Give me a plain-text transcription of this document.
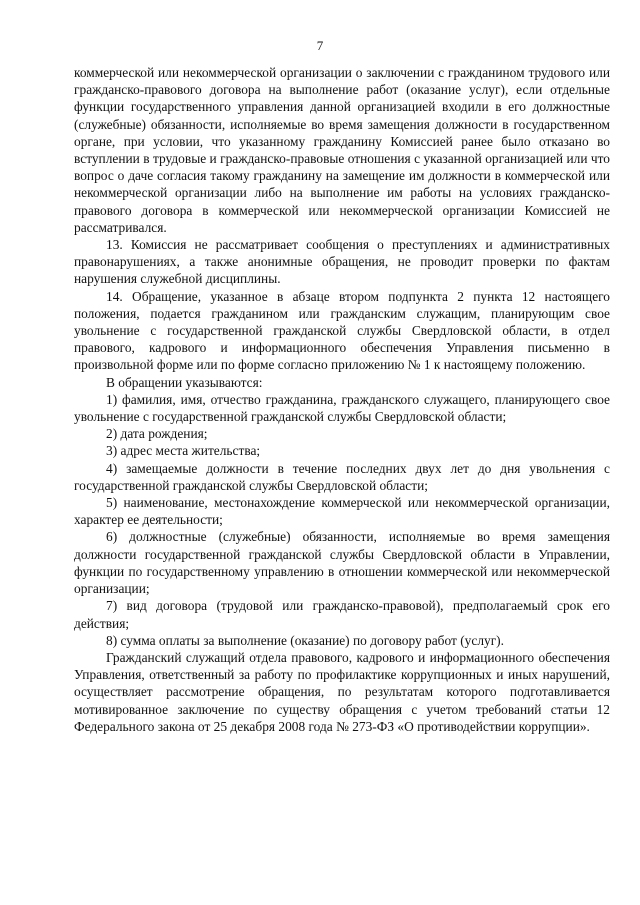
7

коммерческой или некоммерческой организации о заключении с гражданином трудового или гражданско-правового договора на выполнение работ (оказание услуг), если отдельные функции государственного управления данной организацией входили в его должностные (служебные) обязанности, исполняемые во время замещения должности в государственном органе, при условии, что указанному гражданину Комиссией ранее было отказано во вступлении в трудовые и гражданско-правовые отношения с указанной организацией или что вопрос о даче согласия такому гражданину на замещение им должности в коммерческой или некоммерческой организации либо на выполнение им работы на условиях гражданско-правового договора в коммерческой или некоммерческой организации Комиссией не рассматривался.

13. Комиссия не рассматривает сообщения о преступлениях и административных правонарушениях, а также анонимные обращения, не проводит проверки по фактам нарушения служебной дисциплины.

14. Обращение, указанное в абзаце втором подпункта 2 пункта 12 настоящего положения, подается гражданином или гражданским служащим, планирующим свое увольнение с государственной гражданской службы Свердловской области, в отдел правового, кадрового и информационного обеспечения Управления письменно в произвольной форме или по форме согласно приложению № 1 к настоящему положению.

В обращении указываются:

1) фамилия, имя, отчество гражданина, гражданского служащего, планирующего свое увольнение с государственной гражданской службы Свердловской области;

2) дата рождения;

3) адрес места жительства;

4) замещаемые должности в течение последних двух лет до дня увольнения с государственной гражданской службы Свердловской области;

5) наименование, местонахождение коммерческой или некоммерческой организации, характер ее деятельности;

6) должностные (служебные) обязанности, исполняемые во время замещения должности государственной гражданской службы Свердловской области в Управлении, функции по государственному управлению в отношении коммерческой или некоммерческой организации;

7) вид договора (трудовой или гражданско-правовой), предполагаемый срок его действия;

8) сумма оплаты за выполнение (оказание) по договору работ (услуг).

Гражданский служащий отдела правового, кадрового и информационного обеспечения Управления, ответственный за работу по профилактике коррупционных и иных нарушений, осуществляет рассмотрение обращения, по результатам которого подготавливается мотивированное заключение по существу обращения с учетом требований статьи 12 Федерального закона от 25 декабря 2008 года № 273-ФЗ «О противодействии коррупции».
